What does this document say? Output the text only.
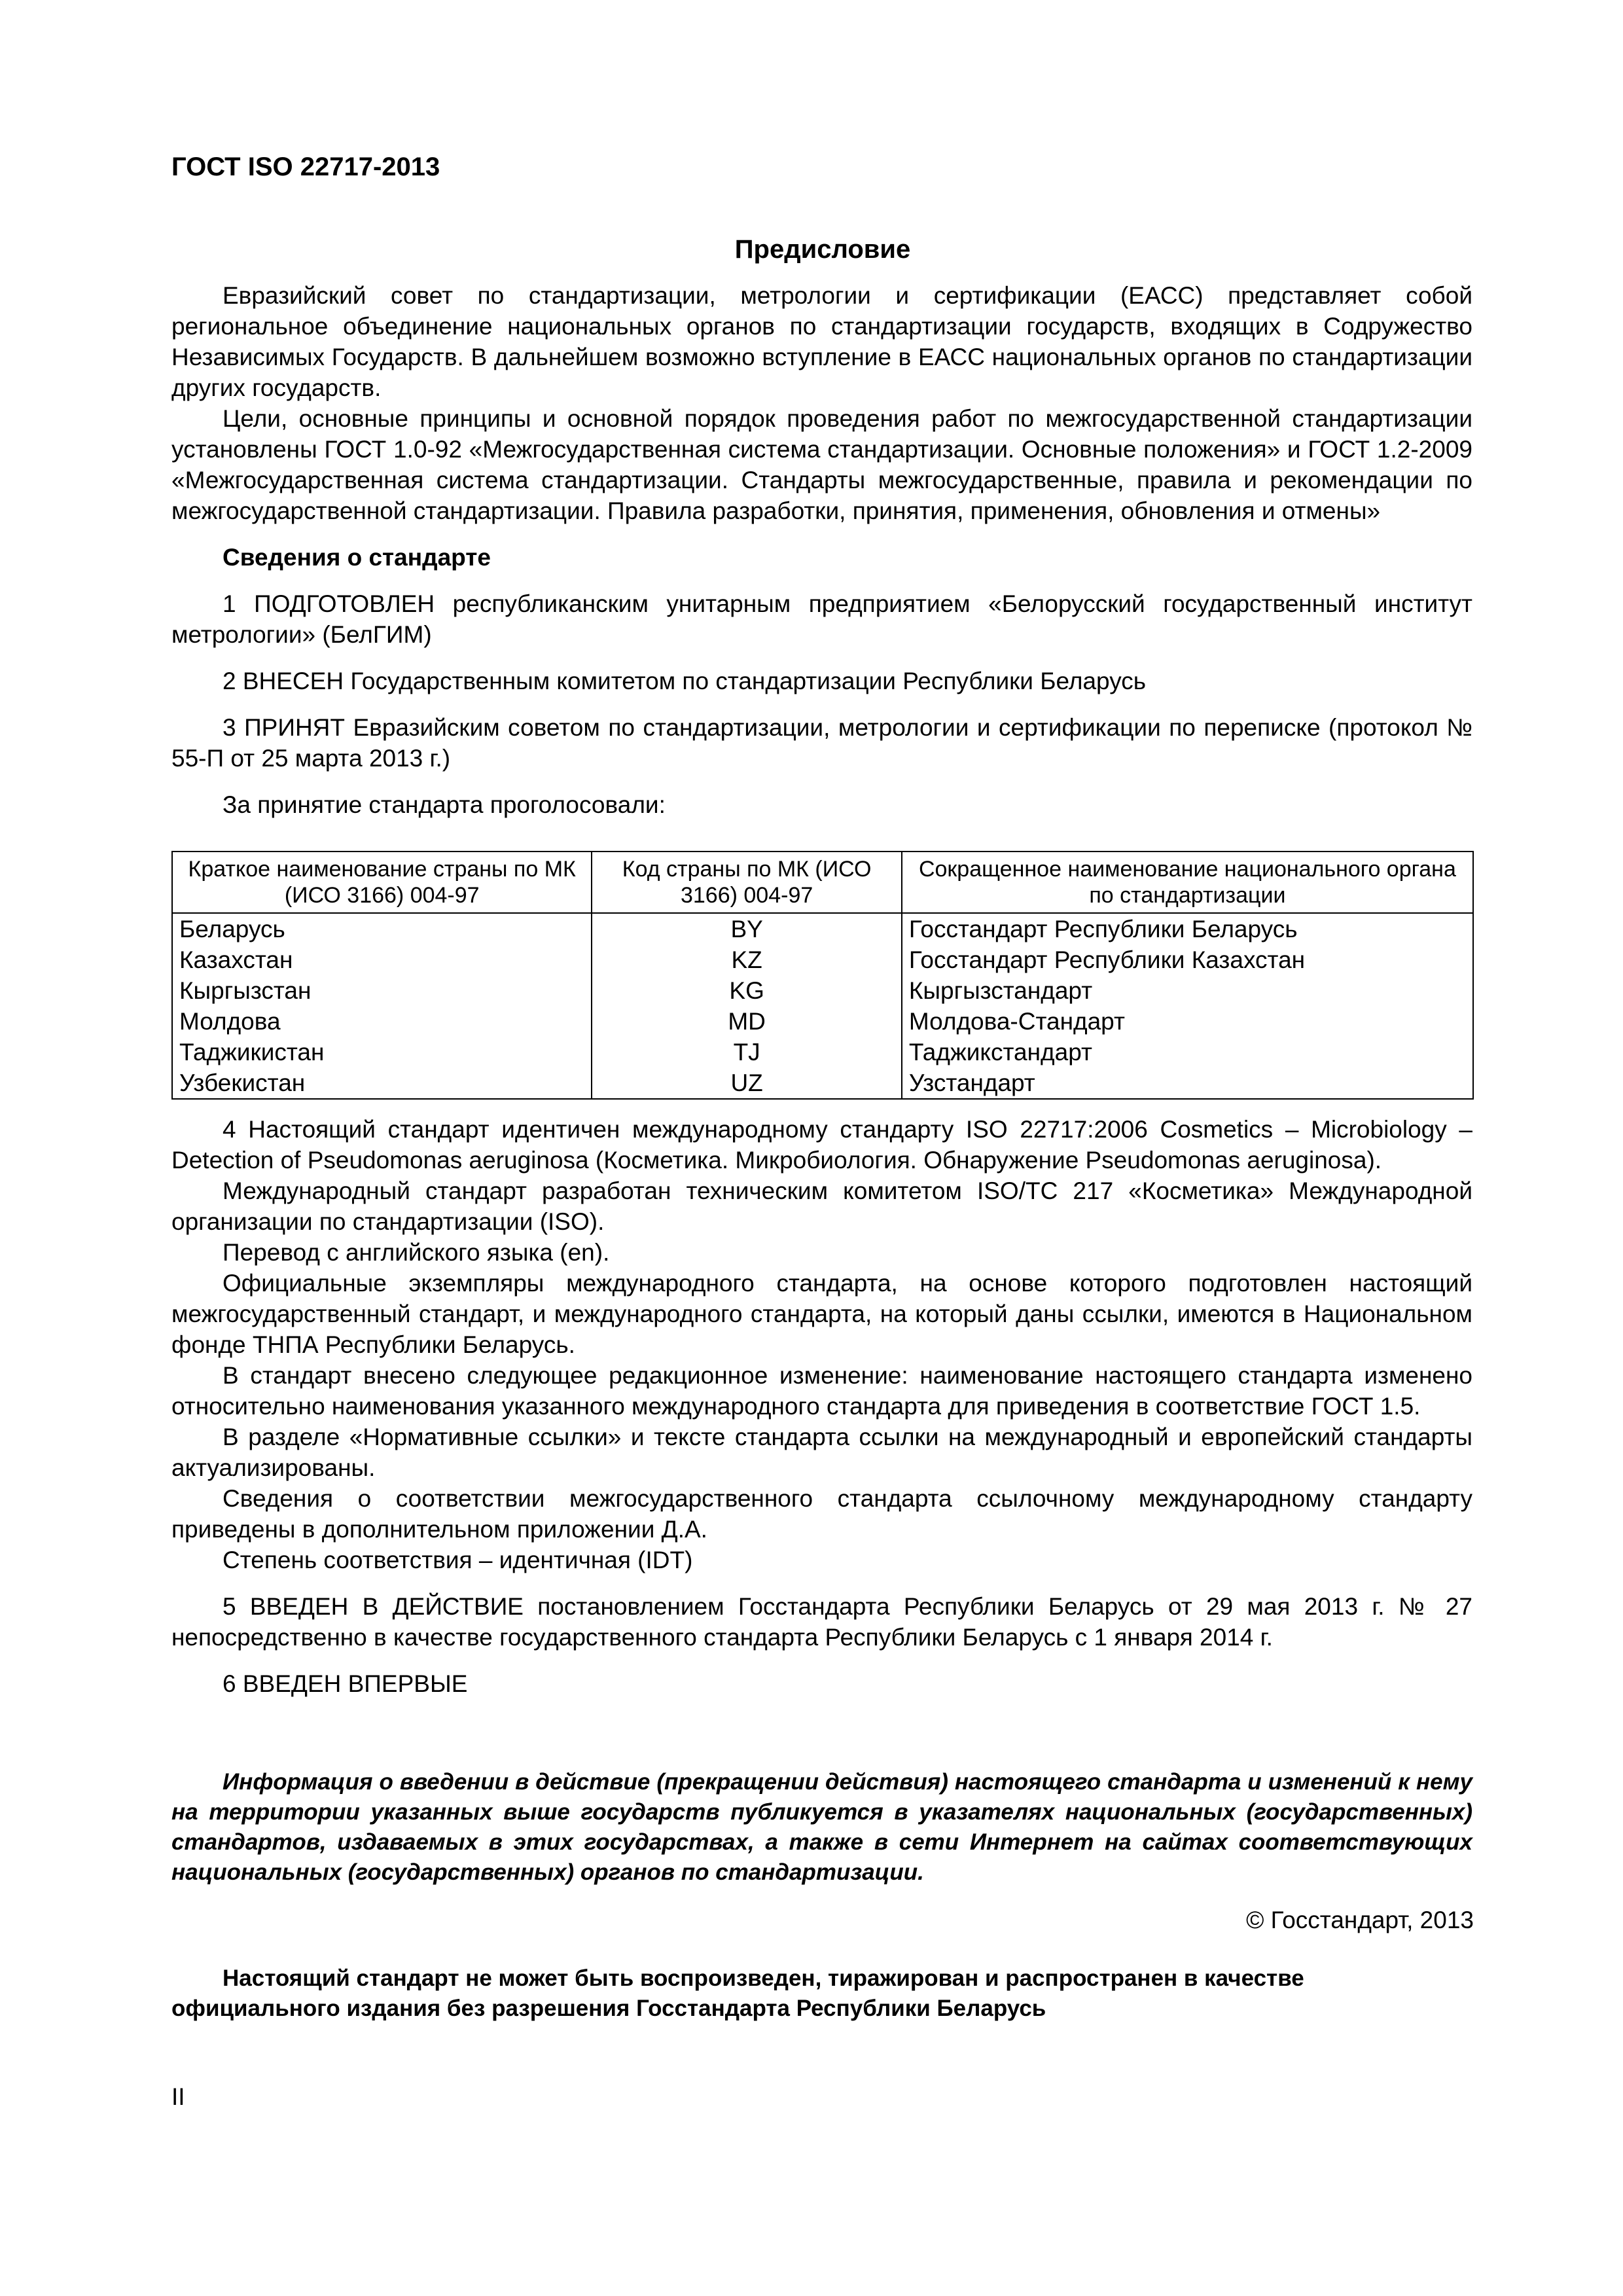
ГОСТ ISO 22717-2013
Предисловие

Евразийский совет по стандартизации, метрологии и сертификации (ЕАСС) представляет собой региональное объединение национальных органов по стандартизации государств, входящих в Содружество Независимых Государств. В дальнейшем возможно вступление в ЕАСС национальных органов по стандартизации других государств.

Цели, основные принципы и основной порядок проведения работ по межгосударственной стандартизации установлены ГОСТ 1.0-92 «Межгосударственная система стандартизации. Основные положения» и ГОСТ 1.2-2009 «Межгосударственная система стандартизации. Стандарты межгосударственные, правила и рекомендации по межгосударственной стандартизации. Правила разработки, принятия, применения, обновления и отмены»

Сведения о стандарте

1 ПОДГОТОВЛЕН республиканским унитарным предприятием «Белорусский государственный институт метрологии» (БелГИМ)

2 ВНЕСЕН Государственным комитетом по стандартизации Республики Беларусь

3 ПРИНЯТ Евразийским советом по стандартизации, метрологии и сертификации по переписке (протокол № 55-П от 25 марта 2013 г.)

За принятие стандарта проголосовали:

Краткое наименование страны по МК (ИСО 3166) 004-97	Код страны по МК (ИСО 3166) 004-97	Сокращенное наименование национального органа по стандартизации
Беларусь	BY	Госстандарт Республики Беларусь
Казахстан	KZ	Госстандарт Республики Казахстан
Кыргызстан	KG	Кыргызстандарт
Молдова	MD	Молдова-Стандарт
Таджикистан	TJ	Таджикстандарт
Узбекистан	UZ	Узстандарт

4 Настоящий стандарт идентичен международному стандарту ISO 22717:2006 Cosmetics – Microbiology – Detection of Pseudomonas aeruginosa (Косметика. Микробиология. Обнаружение Pseudomonas aeruginosa).

Международный стандарт разработан техническим комитетом ISO/TC 217 «Косметика» Международной организации по стандартизации (ISO).

Перевод с английского языка (en).

Официальные экземпляры международного стандарта, на основе которого подготовлен настоящий межгосударственный стандарт, и международного стандарта, на который даны ссылки, имеются в Национальном фонде ТНПА Республики Беларусь.

В стандарт внесено следующее редакционное изменение: наименование настоящего стандарта изменено относительно наименования указанного международного стандарта для приведения в соответствие ГОСТ 1.5.

В разделе «Нормативные ссылки» и тексте стандарта ссылки на международный и европейский стандарты актуализированы.

Сведения о соответствии межгосударственного стандарта ссылочному международному стандарту приведены в дополнительном приложении Д.А.

Степень соответствия – идентичная (IDT)

5 ВВЕДЕН В ДЕЙСТВИЕ постановлением Госстандарта Республики Беларусь от 29 мая 2013 г. № 27 непосредственно в качестве государственного стандарта Республики Беларусь с 1 января 2014 г.

6 ВВЕДЕН ВПЕРВЫЕ

Информация о введении в действие (прекращении действия) настоящего стандарта и изменений к нему на территории указанных выше государств публикуется в указателях национальных (государственных) стандартов, издаваемых в этих государствах, а также в сети Интернет на сайтах соответствующих национальных (государственных) органов по стандартизации.

© Госстандарт, 2013

Настоящий стандарт не может быть воспроизведен, тиражирован и распространен в качестве официального издания без разрешения Госстандарта Республики Беларусь

II
